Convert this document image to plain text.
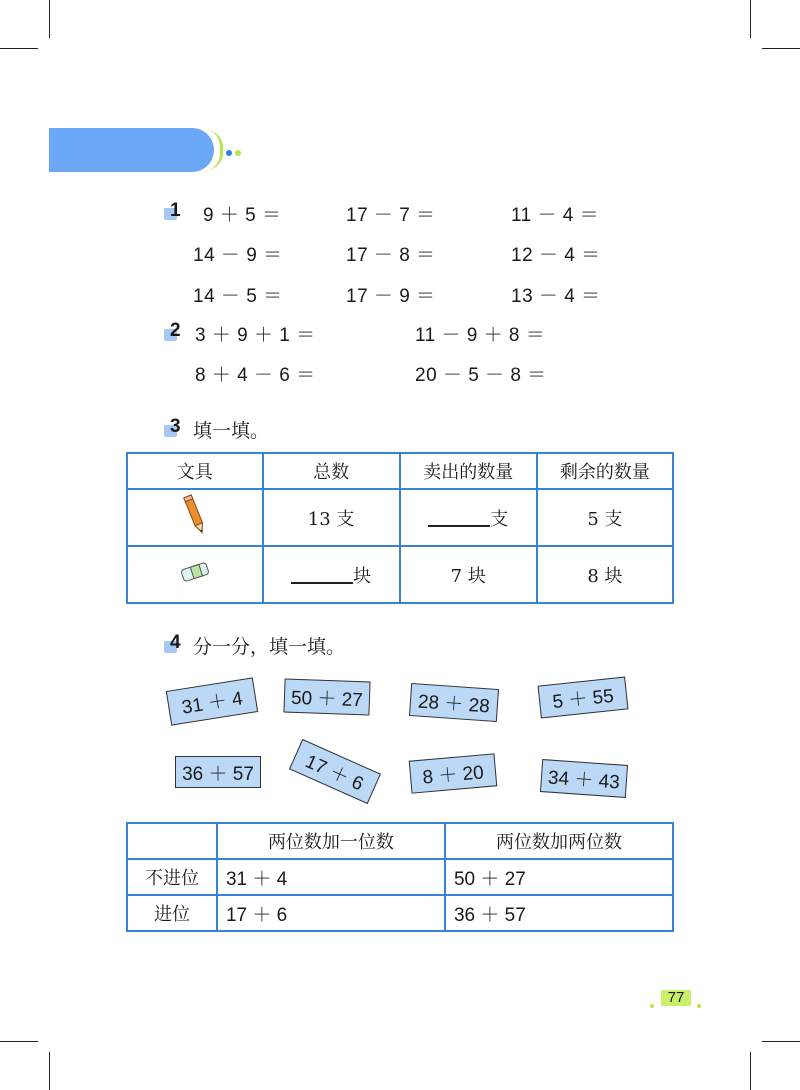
1 9 ＋ 5 ＝	17 － 7 ＝	11 － 4 ＝
14 － 9 ＝	17 － 8 ＝	12 － 4 ＝
14 － 5 ＝	17 － 9 ＝	13 － 4 ＝
2 3 ＋ 9 ＋ 1 ＝	11 － 9 ＋ 8 ＝
8 ＋ 4 － 6 ＝	20 － 5 － 8 ＝
3 填一填。
文具	总数	卖出的数量	剩余的数量
	13 支	支	5 支
	块	7 块	8 块
4 分一分，填一填。
31 ＋ 4	50 ＋ 27	28 ＋ 28	5 ＋ 55
36 ＋ 57	17 ＋ 6	8 ＋ 20	34 ＋ 43
	两位数加一位数	两位数加两位数
不进位	31 ＋ 4	50 ＋ 27
进位	17 ＋ 6	36 ＋ 57
77
